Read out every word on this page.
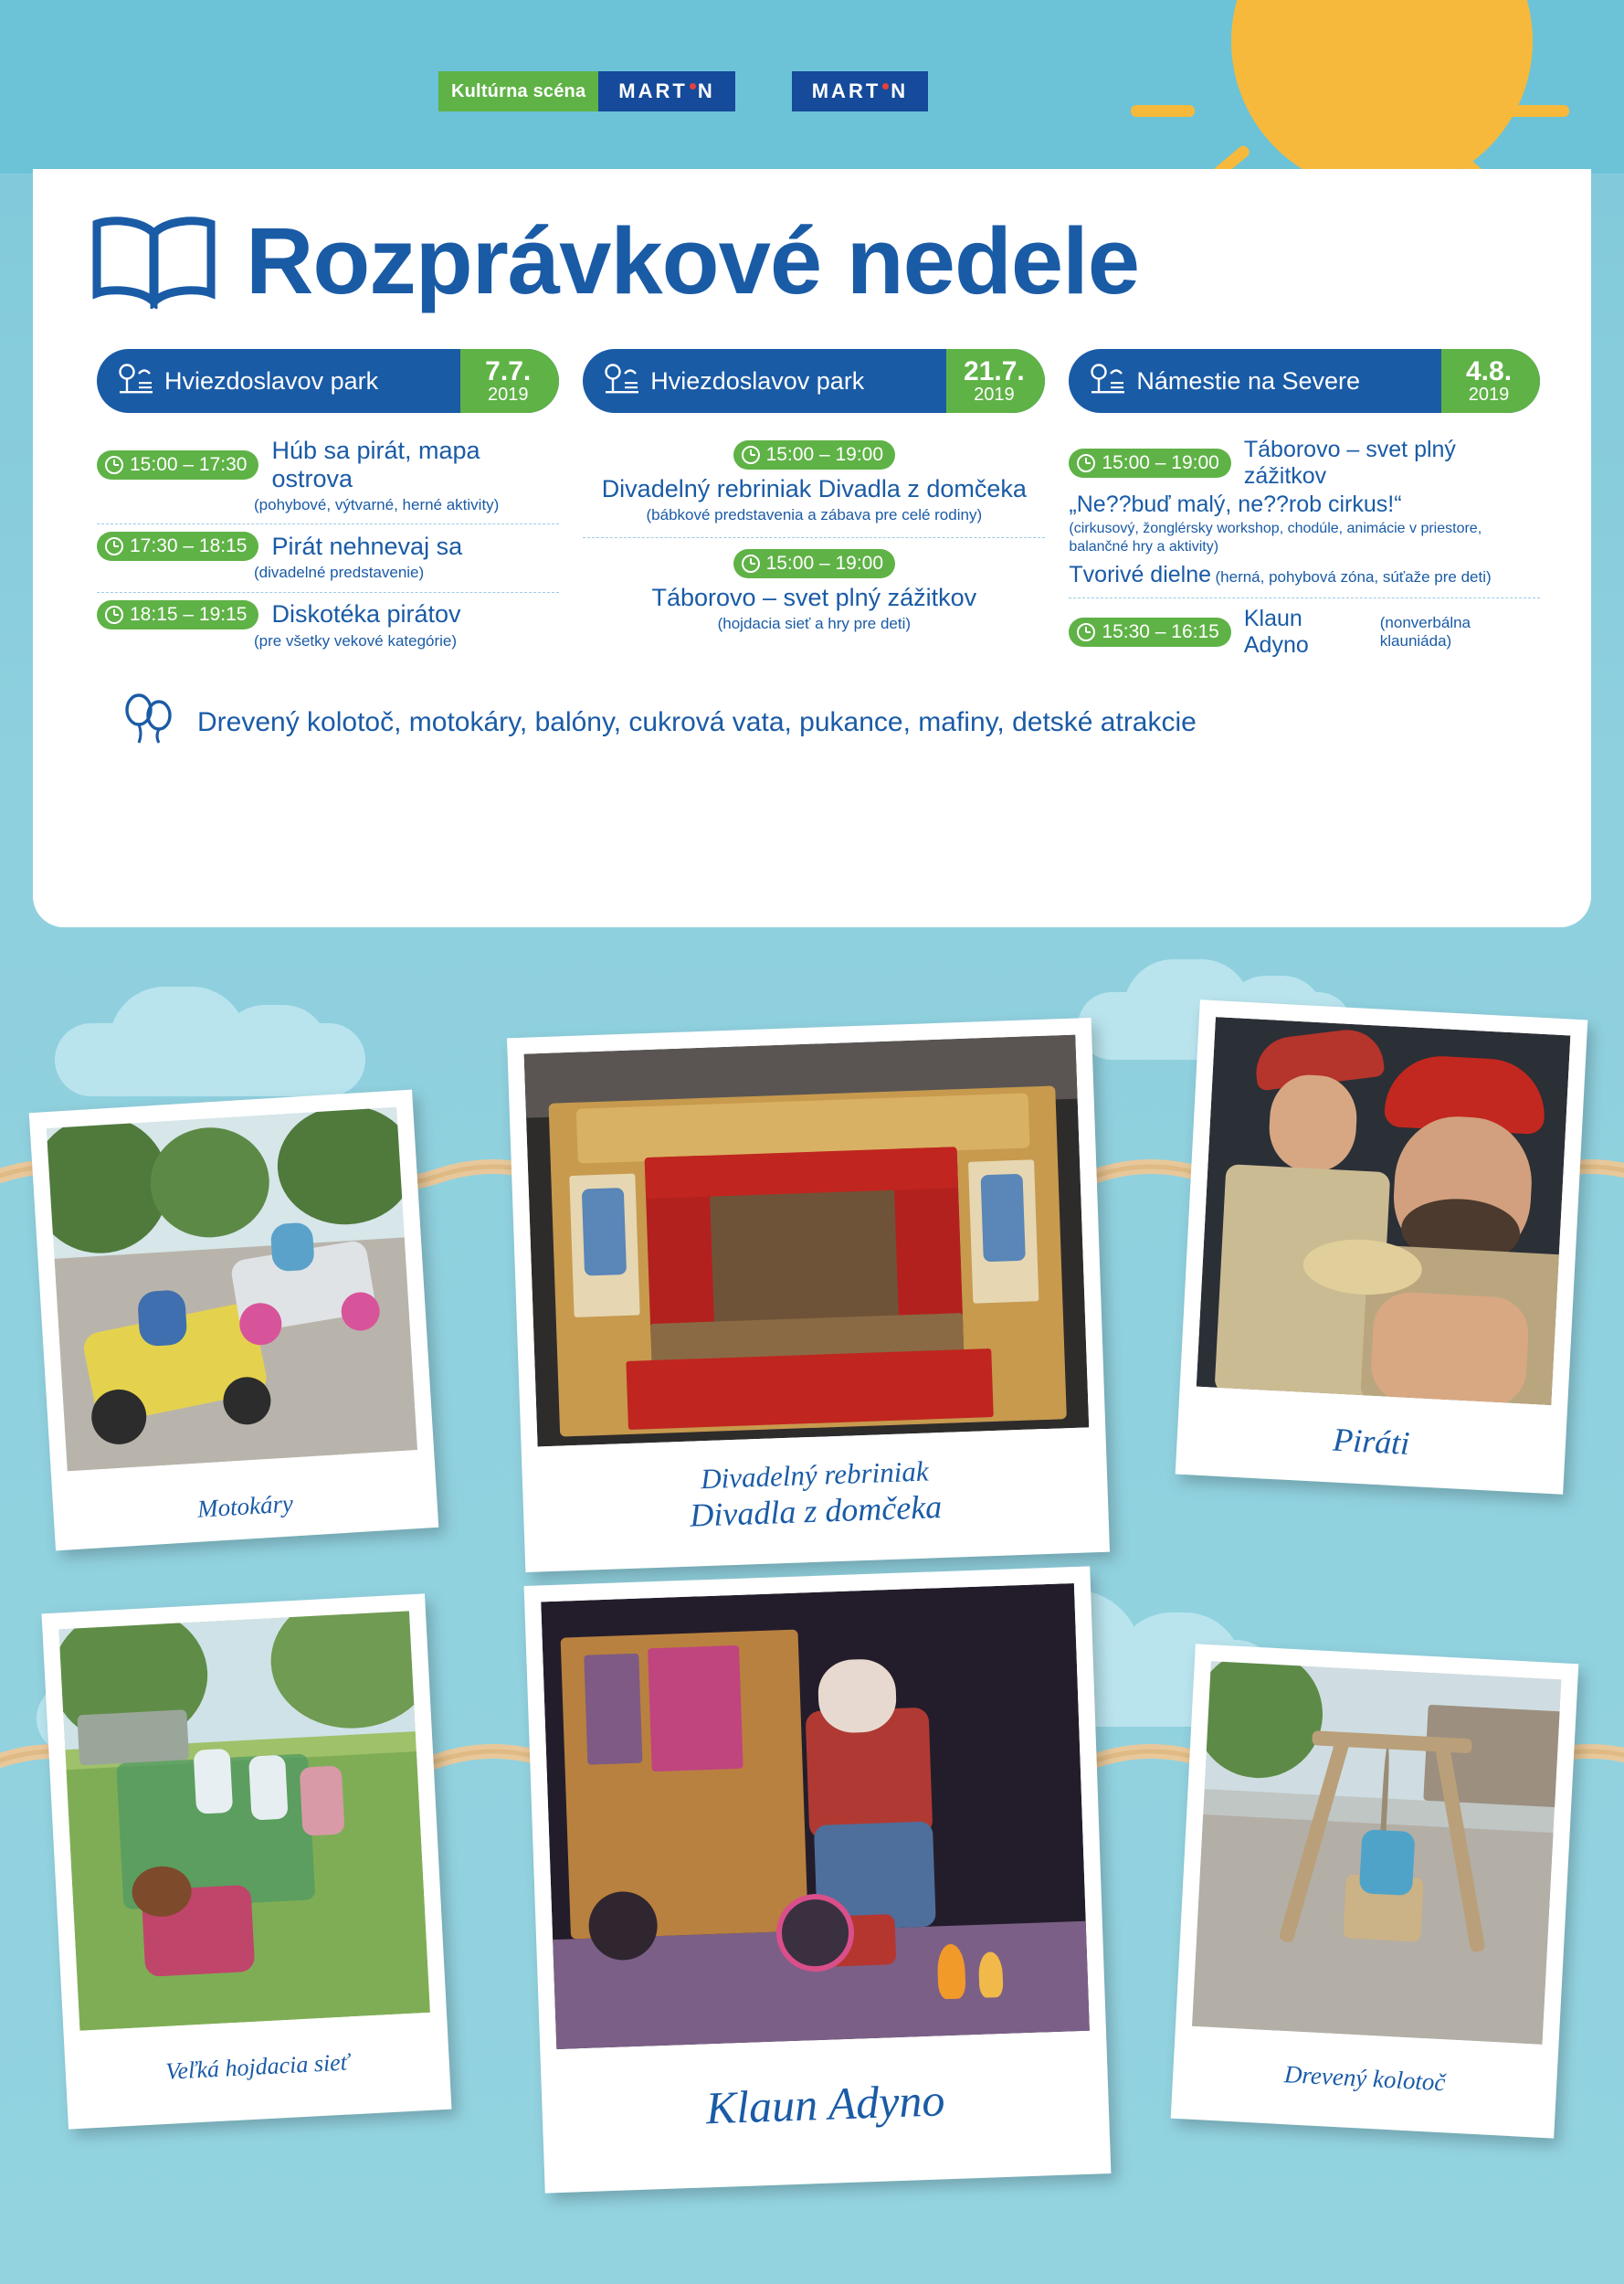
Kultúrna scéna	MART N	MART N
Rozprávkové nedele
Hviezdoslavov park	7.7.
2019
15:00 – 17:30
Húb sa pirát, mapa ostrova
(pohybové, výtvarné, herné aktivity)
17:30 – 18:15 Pirát nehnevaj sa
(divadelné predstavenie)
18:15 – 19:15 Diskotéka pirátov
(pre všetky vekové kategórie)
Hviezdoslavov park	21.7.
2019
15:00 – 19:00
Divadelný rebriniak Divadla z domčeka
(bábkové predstavenia a zábava pre celé rodiny)
15:00 – 19:00
Táborovo – svet plný zážitkov
(hojdacia sieť a hry pre deti)
Námestie na Severe	4.8.
2019
15:00 – 19:00
Táborovo – svet plný zážitkov
„Ne??buď malý, ne??rob cirkus!“
(cirkusový, žonglérsky workshop, chodúle, animácie v priestore, balančné hry a aktivity)
Tvorivé dielne (herná, pohybová zóna, súťaže pre deti)
15:30 – 16:15
Klaun Adyno
(nonverbálna klauniáda)
Drevený kolotoč, motokáry, balóny, cukrová vata, pukance, mafiny, detské atrakcie
Motokáry
Divadelný rebriniak
Divadla z domčeka
Piráti
Veľká hojdacia sieť
Klaun Adyno	Drevený kolotoč
